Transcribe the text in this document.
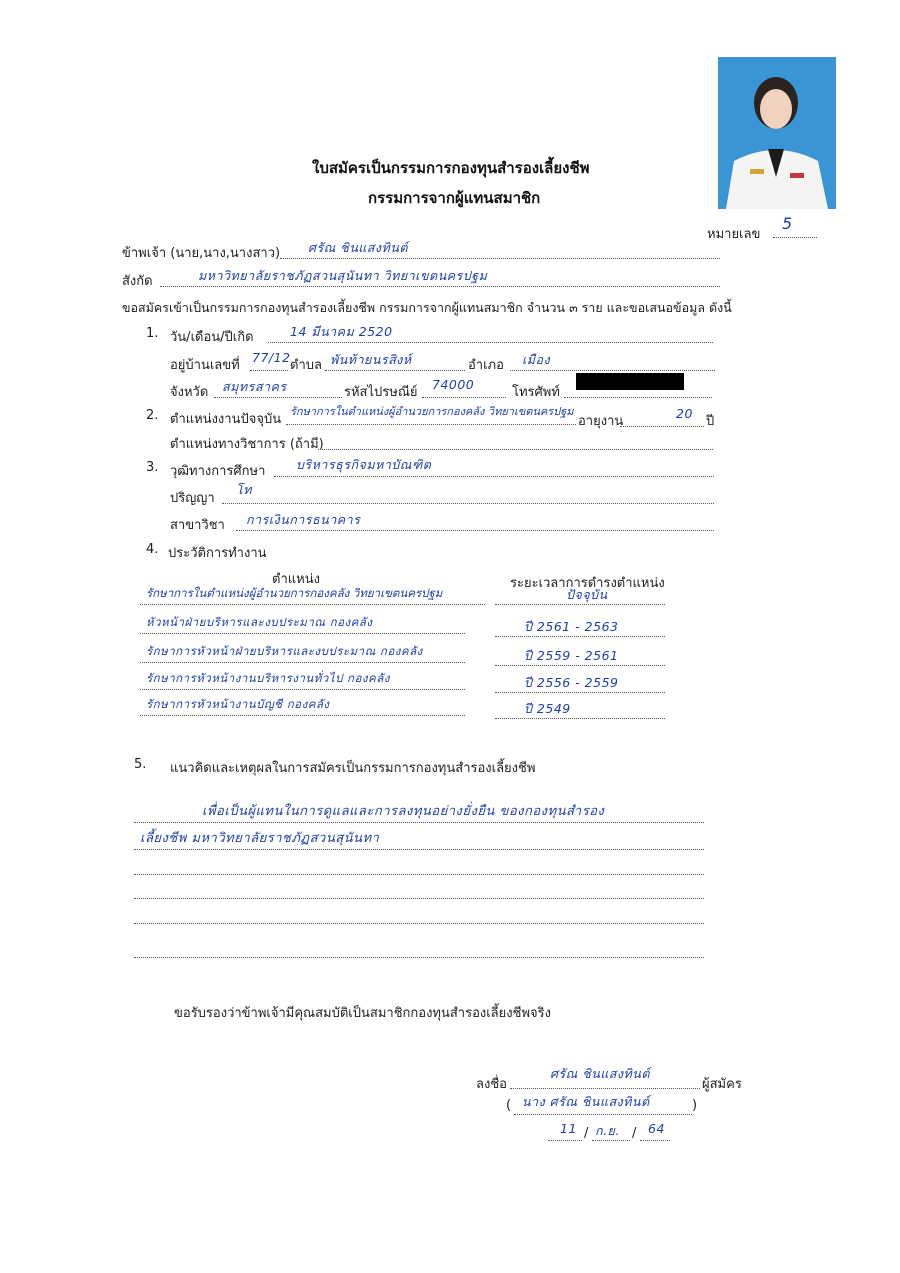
ใบสมัครเป็นกรรมการกองทุนสำรองเลี้ยงชีพ
กรรมการจากผู้แทนสมาชิก
หมายเลข
5
ข้าพเจ้า (นาย,นาง,นางสาว) ศรัณ ชินแสงทินต์
สังกัด	มหาวิทยาลัยราชภัฏสวนสุนันทา วิทยาเขตนครปฐม
ขอสมัครเข้าเป็นกรรมการกองทุนสำรองเลี้ยงชีพ กรรมการจากผู้แทนสมาชิก จำนวน ๓ ราย และขอเสนอข้อมูล ดังนี้
1. วัน/เดือน/ปีเกิด	14 มีนาคม 2520
อยู่บ้านเลขที่
77/12
ตำบล พันท้ายนรสิงห์	อำเภอ เมือง
จังหวัด สมุทรสาคร	รหัสไปรษณีย์
74000
โทรศัพท์
2. ตำแหน่งงานปัจจุบัน
รักษาการในตำแหน่งผู้อำนวยการกองคลัง วิทยาเขตนครปฐม
อายุงาน
20
ปี
ตำแหน่งทางวิชาการ (ถ้ามี)
3. วุฒิทางการศึกษา บริหารธุรกิจมหาบัณฑิต
ปริญญา
โท
สาขาวิชา การเงินการธนาคาร
4. ประวัติการทำงาน
ตำแหน่ง	ระยะเวลาการดำรงตำแหน่ง
รักษาการในตำแหน่งผู้อำนวยการกองคลัง วิทยาเขตนครปฐม	ปัจจุบัน
หัวหน้าฝ่ายบริหารและงบประมาณ กองคลัง	ปี 2561 - 2563
รักษาการหัวหน้าฝ่ายบริหารและงบประมาณ กองคลัง	ปี 2559 - 2561
รักษาการหัวหน้างานบริหารงานทั่วไป กองคลัง	ปี 2556 - 2559
รักษาการหัวหน้างานบัญชี กองคลัง	ปี 2549
5. แนวคิดและเหตุผลในการสมัครเป็นกรรมการกองทุนสำรองเลี้ยงชีพ
เพื่อเป็นผู้แทนในการดูแลและการลงทุนอย่างยั่งยืน ของกองทุนสำรอง
เลี้ยงชีพ มหาวิทยาลัยราชภัฏสวนสุนันทา
ขอรับรองว่าข้าพเจ้ามีคุณสมบัติเป็นสมาชิกกองทุนสำรองเลี้ยงชีพจริง
ลงชื่อ
ศรัณ ชินแสงทินต์
ผู้สมัคร
( นาง ศรัณ ชินแสงทินต์	)
11 / ก.ย. / 64
